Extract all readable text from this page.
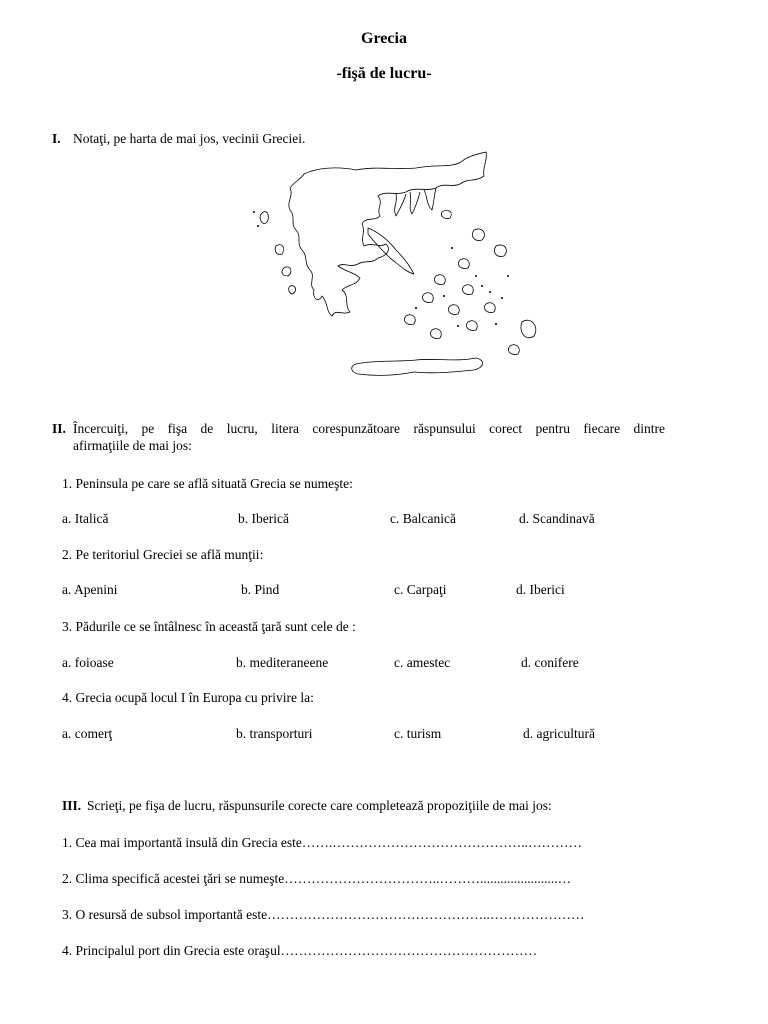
Grecia
-fişă de lucru-
I. Notaţi, pe harta de mai jos, vecinii Greciei.
II. Încercuiţi, pe fişa de lucru, litera corespunzătoare răspunsului corect pentru fiecare dintre
afirmaţiile de mai jos:
1. Peninsula pe care se află situată Grecia se numeşte:
a. Italică	b. Iberică	c. Balcanică	d. Scandinavă
2. Pe teritoriul Greciei se află munţii:
a. Apenini	b. Pind	c. Carpaţi	d. Iberici
3. Pădurile ce se întâlnesc în această ţară sunt cele de :
a. foioase	b. mediteraneene	c. amestec	d. conifere
4. Grecia ocupă locul I în Europa cu privire la:
a. comerţ	b. transporturi	c. turism	d. agricultură
III. Scrieţi, pe fişa de lucru, răspunsurile corecte care completează propoziţiile de mai jos:
1. Cea mai importantă insulă din Grecia este…….……………………………………..…………
2. Clima specifică acestei ţări se numeşte……………………………..……….......................…
3. O resursă de subsol importantă este…………………………………………..…………………
4. Principalul port din Grecia este oraşul…………………………………………………
